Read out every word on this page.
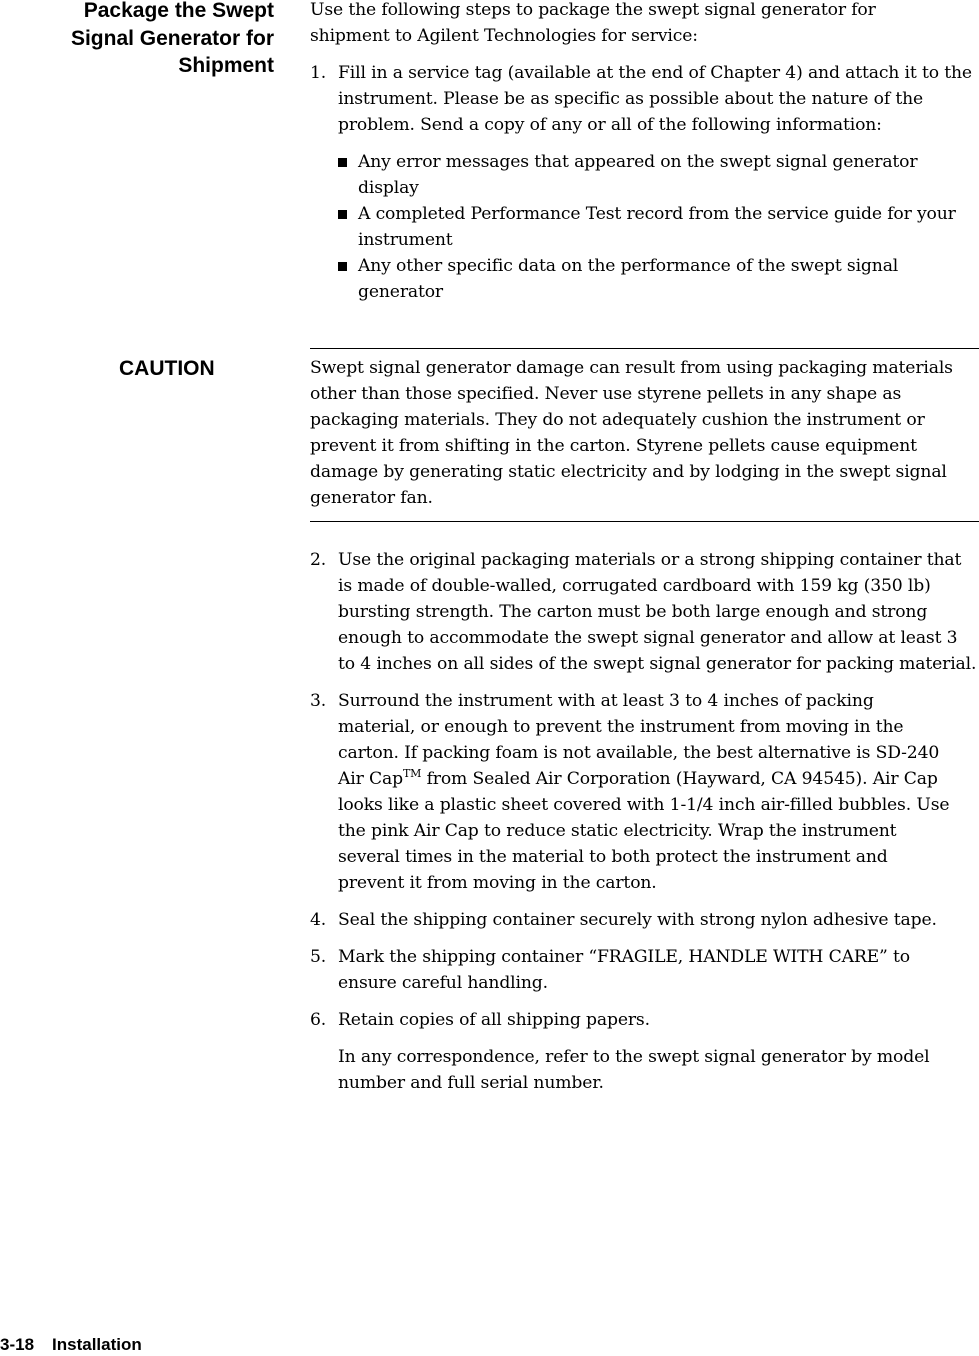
Package the Swept
Signal Generator for
Shipment

Use the following steps to package the swept signal generator for shipment to Agilent Technologies for service:

1. Fill in a service tag (available at the end of Chapter 4) and attach it to the instrument. Please be as specific as possible about the nature of the problem. Send a copy of any or all of the following information:

Any error messages that appeared on the swept signal generator display

A completed Performance Test record from the service guide for your instrument

Any other specific data on the performance of the swept signal generator

CAUTION	Swept signal generator damage can result from using packaging materials other than those specified. Never use styrene pellets in any shape as packaging materials. They do not adequately cushion the instrument or prevent it from shifting in the carton. Styrene pellets cause equipment damage by generating static electricity and by lodging in the swept signal generator fan.

2. Use the original packaging materials or a strong shipping container that is made of double-walled, corrugated cardboard with 159 kg (350 lb) bursting strength. The carton must be both large enough and strong enough to accommodate the swept signal generator and allow at least 3 to 4 inches on all sides of the swept signal generator for packing material.

3. Surround the instrument with at least 3 to 4 inches of packing material, or enough to prevent the instrument from moving in the carton. If packing foam is not available, the best alternative is SD-240 Air Cap™ from Sealed Air Corporation (Hayward, CA 94545). Air Cap looks like a plastic sheet covered with 1-1/4 inch air-filled bubbles. Use the pink Air Cap to reduce static electricity. Wrap the instrument several times in the material to both protect the instrument and prevent it from moving in the carton.

4. Seal the shipping container securely with strong nylon adhesive tape.

5. Mark the shipping container “FRAGILE, HANDLE WITH CARE” to ensure careful handling.

6. Retain copies of all shipping papers.

In any correspondence, refer to the swept signal generator by model number and full serial number.

3-18 Installation
